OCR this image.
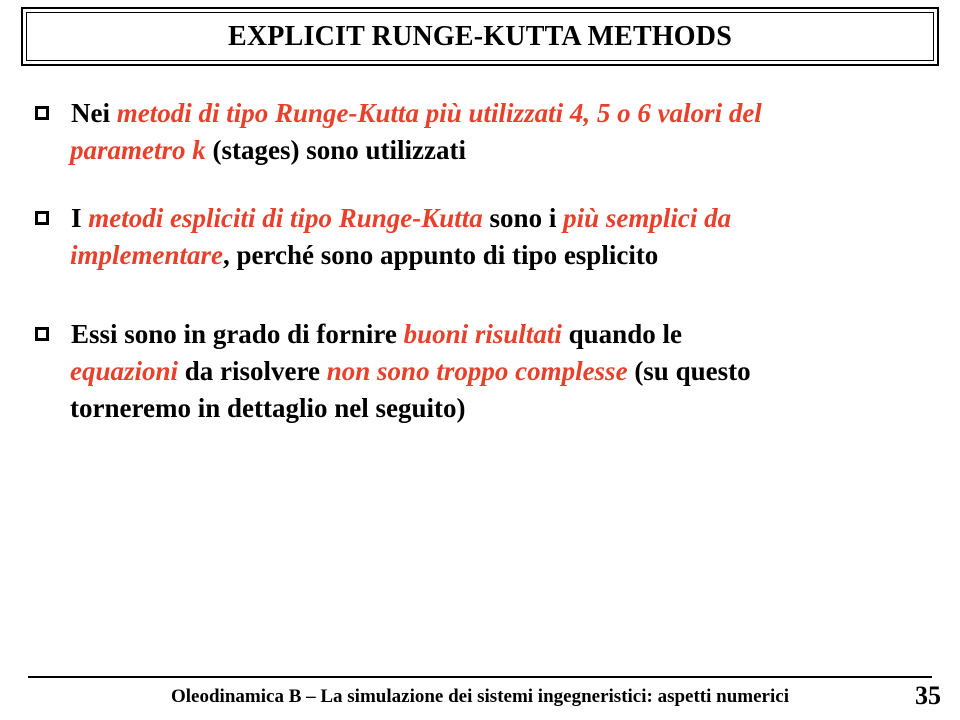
EXPLICIT RUNGE-KUTTA METHODS
Nei metodi di tipo Runge-Kutta più utilizzati 4, 5 o 6 valori del
parametro k (stages) sono utilizzati
I metodi espliciti di tipo Runge-Kutta sono i più semplici da
implementare, perché sono appunto di tipo esplicito
Essi sono in grado di fornire buoni risultati quando le
equazioni da risolvere non sono troppo complesse (su questo
torneremo in dettaglio nel seguito)
Oleodinamica B – La simulazione dei sistemi ingegneristici: aspetti numerici	35
